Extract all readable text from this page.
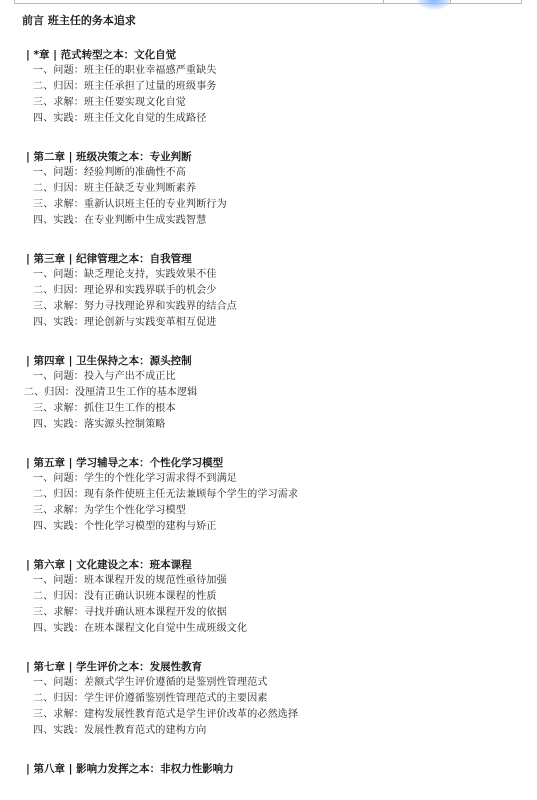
前言 班主任的务本追求
| *章 | 范式转型之本：文化自觉
一、问题：班主任的职业幸福感严重缺失
二、归因：班主任承担了过量的班级事务
三、求解：班主任要实现文化自觉
四、实践：班主任文化自觉的生成路径
| 第二章 | 班级决策之本：专业判断
一、问题：经验判断的准确性不高
二、归因：班主任缺乏专业判断素养
三、求解：重新认识班主任的专业判断行为
四、实践：在专业判断中生成实践智慧
| 第三章 | 纪律管理之本：自我管理
一、问题：缺乏理论支持，实践效果不佳
二、归因：理论界和实践界联手的机会少
三、求解：努力寻找理论界和实践界的结合点
四、实践：理论创新与实践变革相互促进
| 第四章 | 卫生保持之本：源头控制
一、问题：投入与产出不成正比
二、归因：没厘清卫生工作的基本逻辑
三、求解：抓住卫生工作的根本
四、实践：落实源头控制策略
| 第五章 | 学习辅导之本：个性化学习模型
一、问题：学生的个性化学习需求得不到满足
二、归因：现有条件使班主任无法兼顾每个学生的学习需求
三、求解：为学生个性化学习模型
四、实践：个性化学习模型的建构与矫正
| 第六章 | 文化建设之本：班本课程
一、问题：班本课程开发的规范性亟待加强
二、归因：没有正确认识班本课程的性质
三、求解：寻找并确认班本课程开发的依据
四、实践：在班本课程文化自觉中生成班级文化
| 第七章 | 学生评价之本：发展性教育
一、问题：差额式学生评价遵循的是鉴别性管理范式
二、归因：学生评价遵循鉴别性管理范式的主要因素
三、求解：建构发展性教育范式是学生评价改革的必然选择
四、实践：发展性教育范式的建构方向
| 第八章 | 影响力发挥之本：非权力性影响力
